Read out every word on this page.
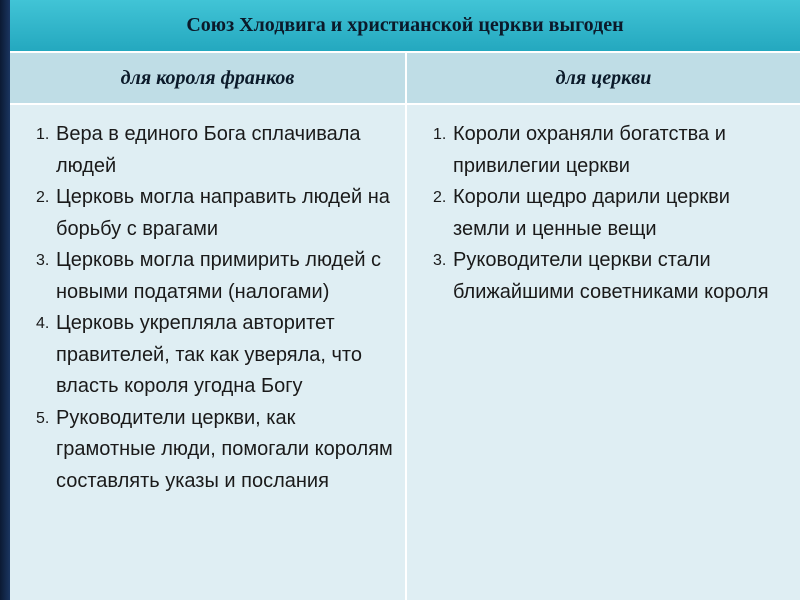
Союз Хлодвига и христианской церкви выгоден
для короля франков	для церкви
1. Вера в единого Бога сплачивала людей
2. Церковь могла направить людей на борьбу с врагами
3. Церковь могла примирить людей с новыми податями (налогами)
4. Церковь укрепляла авторитет правителей, так как уверяла, что власть короля угодна Богу
5. Руководители церкви, как грамотные люди, помогали королям составлять указы и послания
1. Короли охраняли богатства и привилегии церкви
2. Короли щедро дарили церкви земли и ценные вещи
3. Руководители церкви стали ближайшими советниками короля
